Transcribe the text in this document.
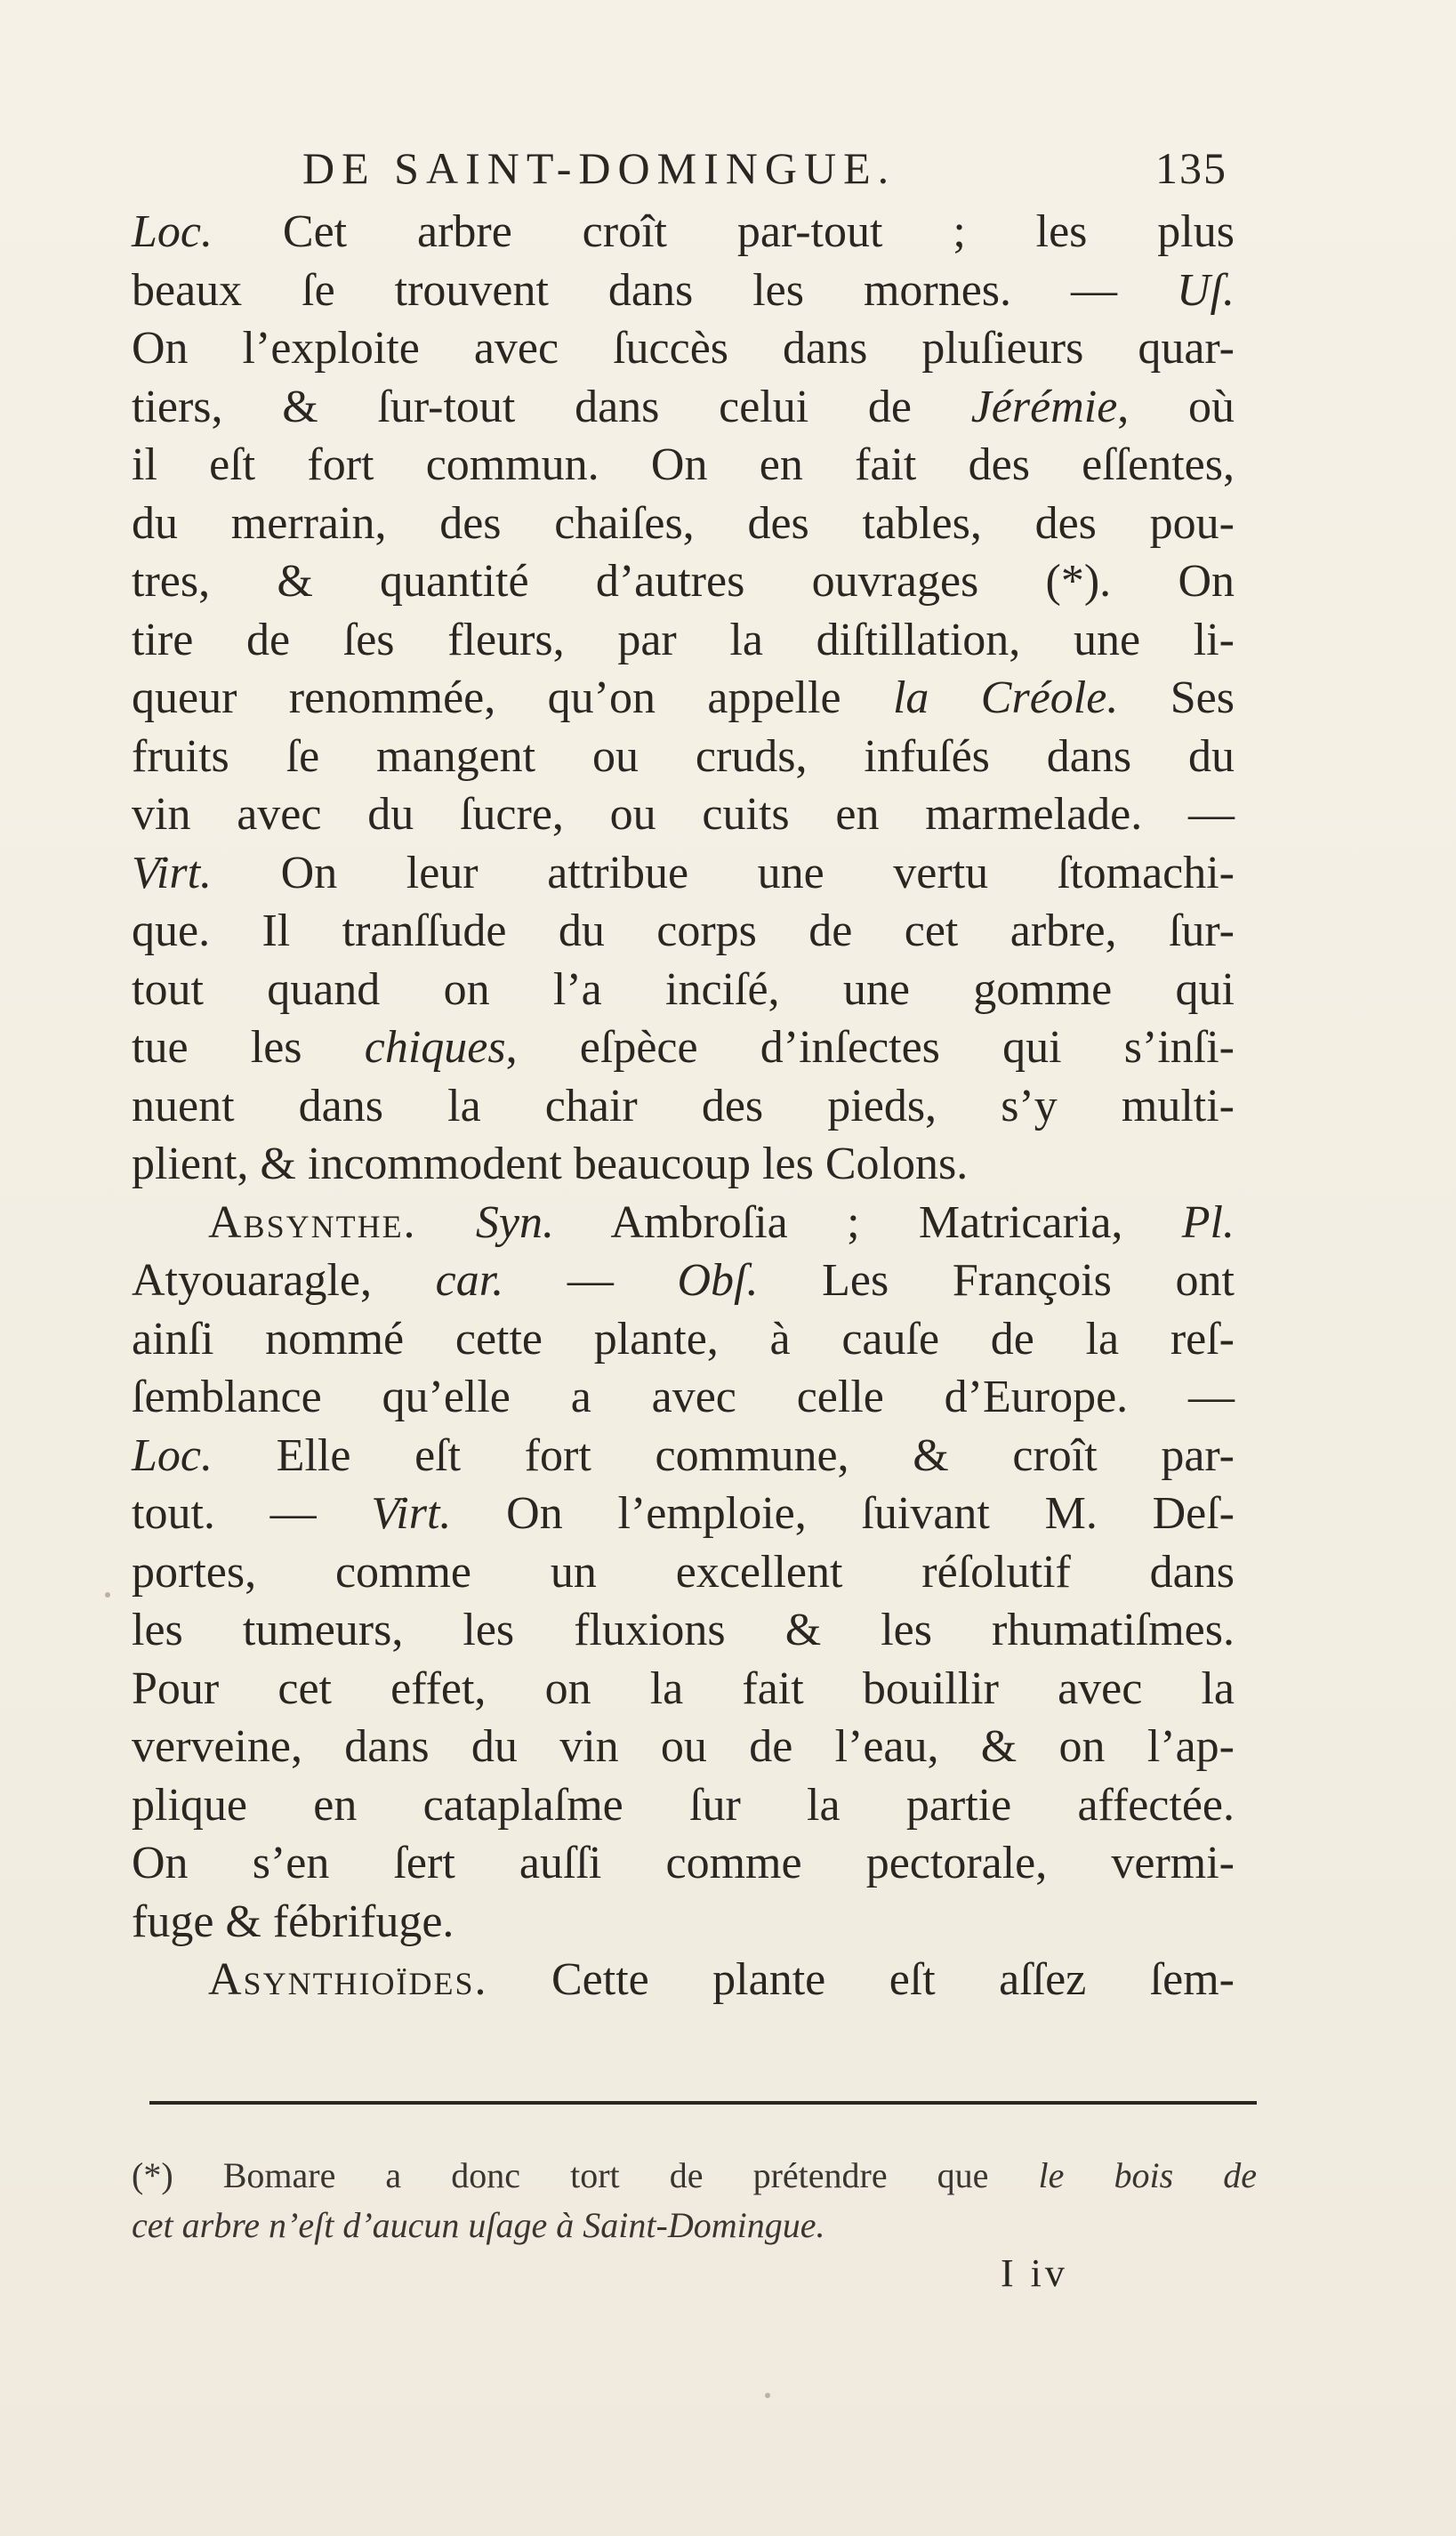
DE SAINT-DOMINGUE.	135
Loc. Cet arbre croît par-tout ; les plus
beaux ſe trouvent dans les mornes. — Uſ.
On l’exploite avec ſuccès dans pluſieurs quar-
tiers, & ſur-tout dans celui de Jérémie, où
il eſt fort commun. On en fait des eſſentes,
du merrain, des chaiſes, des tables, des pou-
tres, & quantité d’autres ouvrages (*). On
tire de ſes fleurs, par la diſtillation, une li-
queur renommée, qu’on appelle la Créole. Ses
fruits ſe mangent ou cruds, infuſés dans du
vin avec du ſucre, ou cuits en marmelade. —
Virt. On leur attribue une vertu ſtomachi-
que. Il tranſſude du corps de cet arbre, ſur-
tout quand on l’a inciſé, une gomme qui
tue les chiques, eſpèce d’inſectes qui s’inſi-
nuent dans la chair des pieds, s’y multi-
plient, & incommodent beaucoup les Colons.
Absynthe. Syn. Ambroſia ; Matricaria, Pl.
Atyouaragle, car. — Obſ. Les François ont
ainſi nommé cette plante, à cauſe de la reſ-
ſemblance qu’elle a avec celle d’Europe. —
Loc. Elle eſt fort commune, & croît par-
tout. — Virt. On l’emploie, ſuivant M. Deſ-
portes, comme un excellent réſolutif dans
les tumeurs, les fluxions & les rhumatiſmes.
Pour cet effet, on la fait bouillir avec la
verveine, dans du vin ou de l’eau, & on l’ap-
plique en cataplaſme ſur la partie affectée.
On s’en ſert auſſi comme pectorale, vermi-
fuge & fébrifuge.
Asynthioïdes. Cette plante eſt aſſez ſem-
(*) Bomare a donc tort de prétendre que le bois de
cet arbre n’eſt d’aucun uſage à Saint-Domingue.
I iv
